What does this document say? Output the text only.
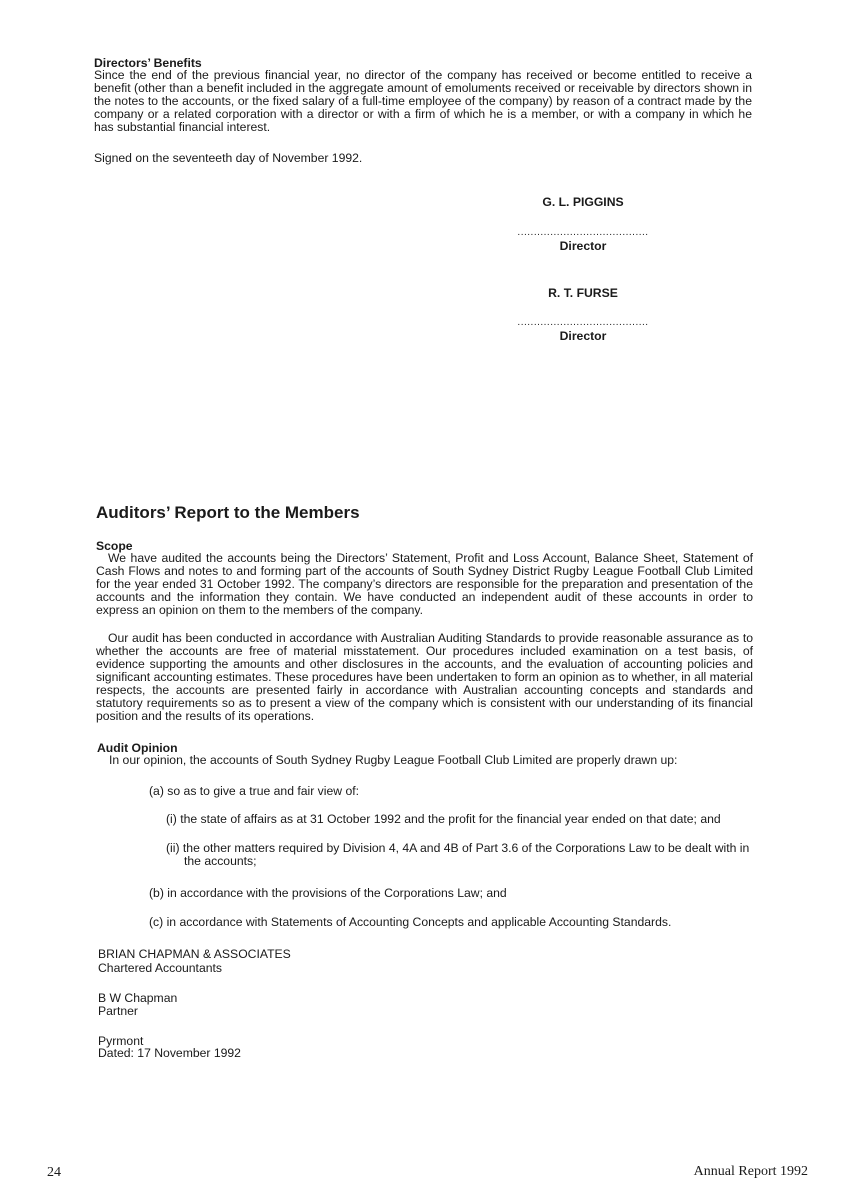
Directors’ Benefits
Since the end of the previous financial year, no director of the company has received or become entitled to receive a benefit (other than a benefit included in the aggregate amount of emoluments received or receivable by directors shown in the notes to the accounts, or the fixed salary of a full-time employee of the company) by reason of a contract made by the company or a related corporation with a director or with a firm of which he is a member, or with a company in which he has substantial financial interest.
Signed on the seventeeth day of November 1992.
G. L. PIGGINS
........................................
Director
R. T. FURSE
........................................
Director
Auditors’ Report to the Members
Scope
We have audited the accounts being the Directors’ Statement, Profit and Loss Account, Balance Sheet, Statement of Cash Flows and notes to and forming part of the accounts of South Sydney District Rugby League Football Club Limited for the year ended 31 October 1992. The company’s directors are responsible for the preparation and presentation of the accounts and the information they contain. We have conducted an independent audit of these accounts in order to express an opinion on them to the members of the company.
Our audit has been conducted in accordance with Australian Auditing Standards to provide reasonable assurance as to whether the accounts are free of material misstatement. Our procedures included examination on a test basis, of evidence supporting the amounts and other disclosures in the accounts, and the evaluation of accounting policies and significant accounting estimates. These procedures have been undertaken to form an opinion as to whether, in all material respects, the accounts are presented fairly in accordance with Australian accounting concepts and standards and statutory requirements so as to present a view of the company which is consistent with our understanding of its financial position and the results of its operations.
Audit Opinion
In our opinion, the accounts of South Sydney Rugby League Football Club Limited are properly drawn up:
(a) so as to give a true and fair view of:
(i) the state of affairs as at 31 October 1992 and the profit for the financial year ended on that date; and
(ii) the other matters required by Division 4, 4A and 4B of Part 3.6 of the Corporations Law to be dealt with in the accounts;
(b) in accordance with the provisions of the Corporations Law; and
(c) in accordance with Statements of Accounting Concepts and applicable Accounting Standards.
BRIAN CHAPMAN & ASSOCIATES
Chartered Accountants
B W Chapman
Partner
Pyrmont
Dated: 17 November 1992
24	Annual Report 1992
